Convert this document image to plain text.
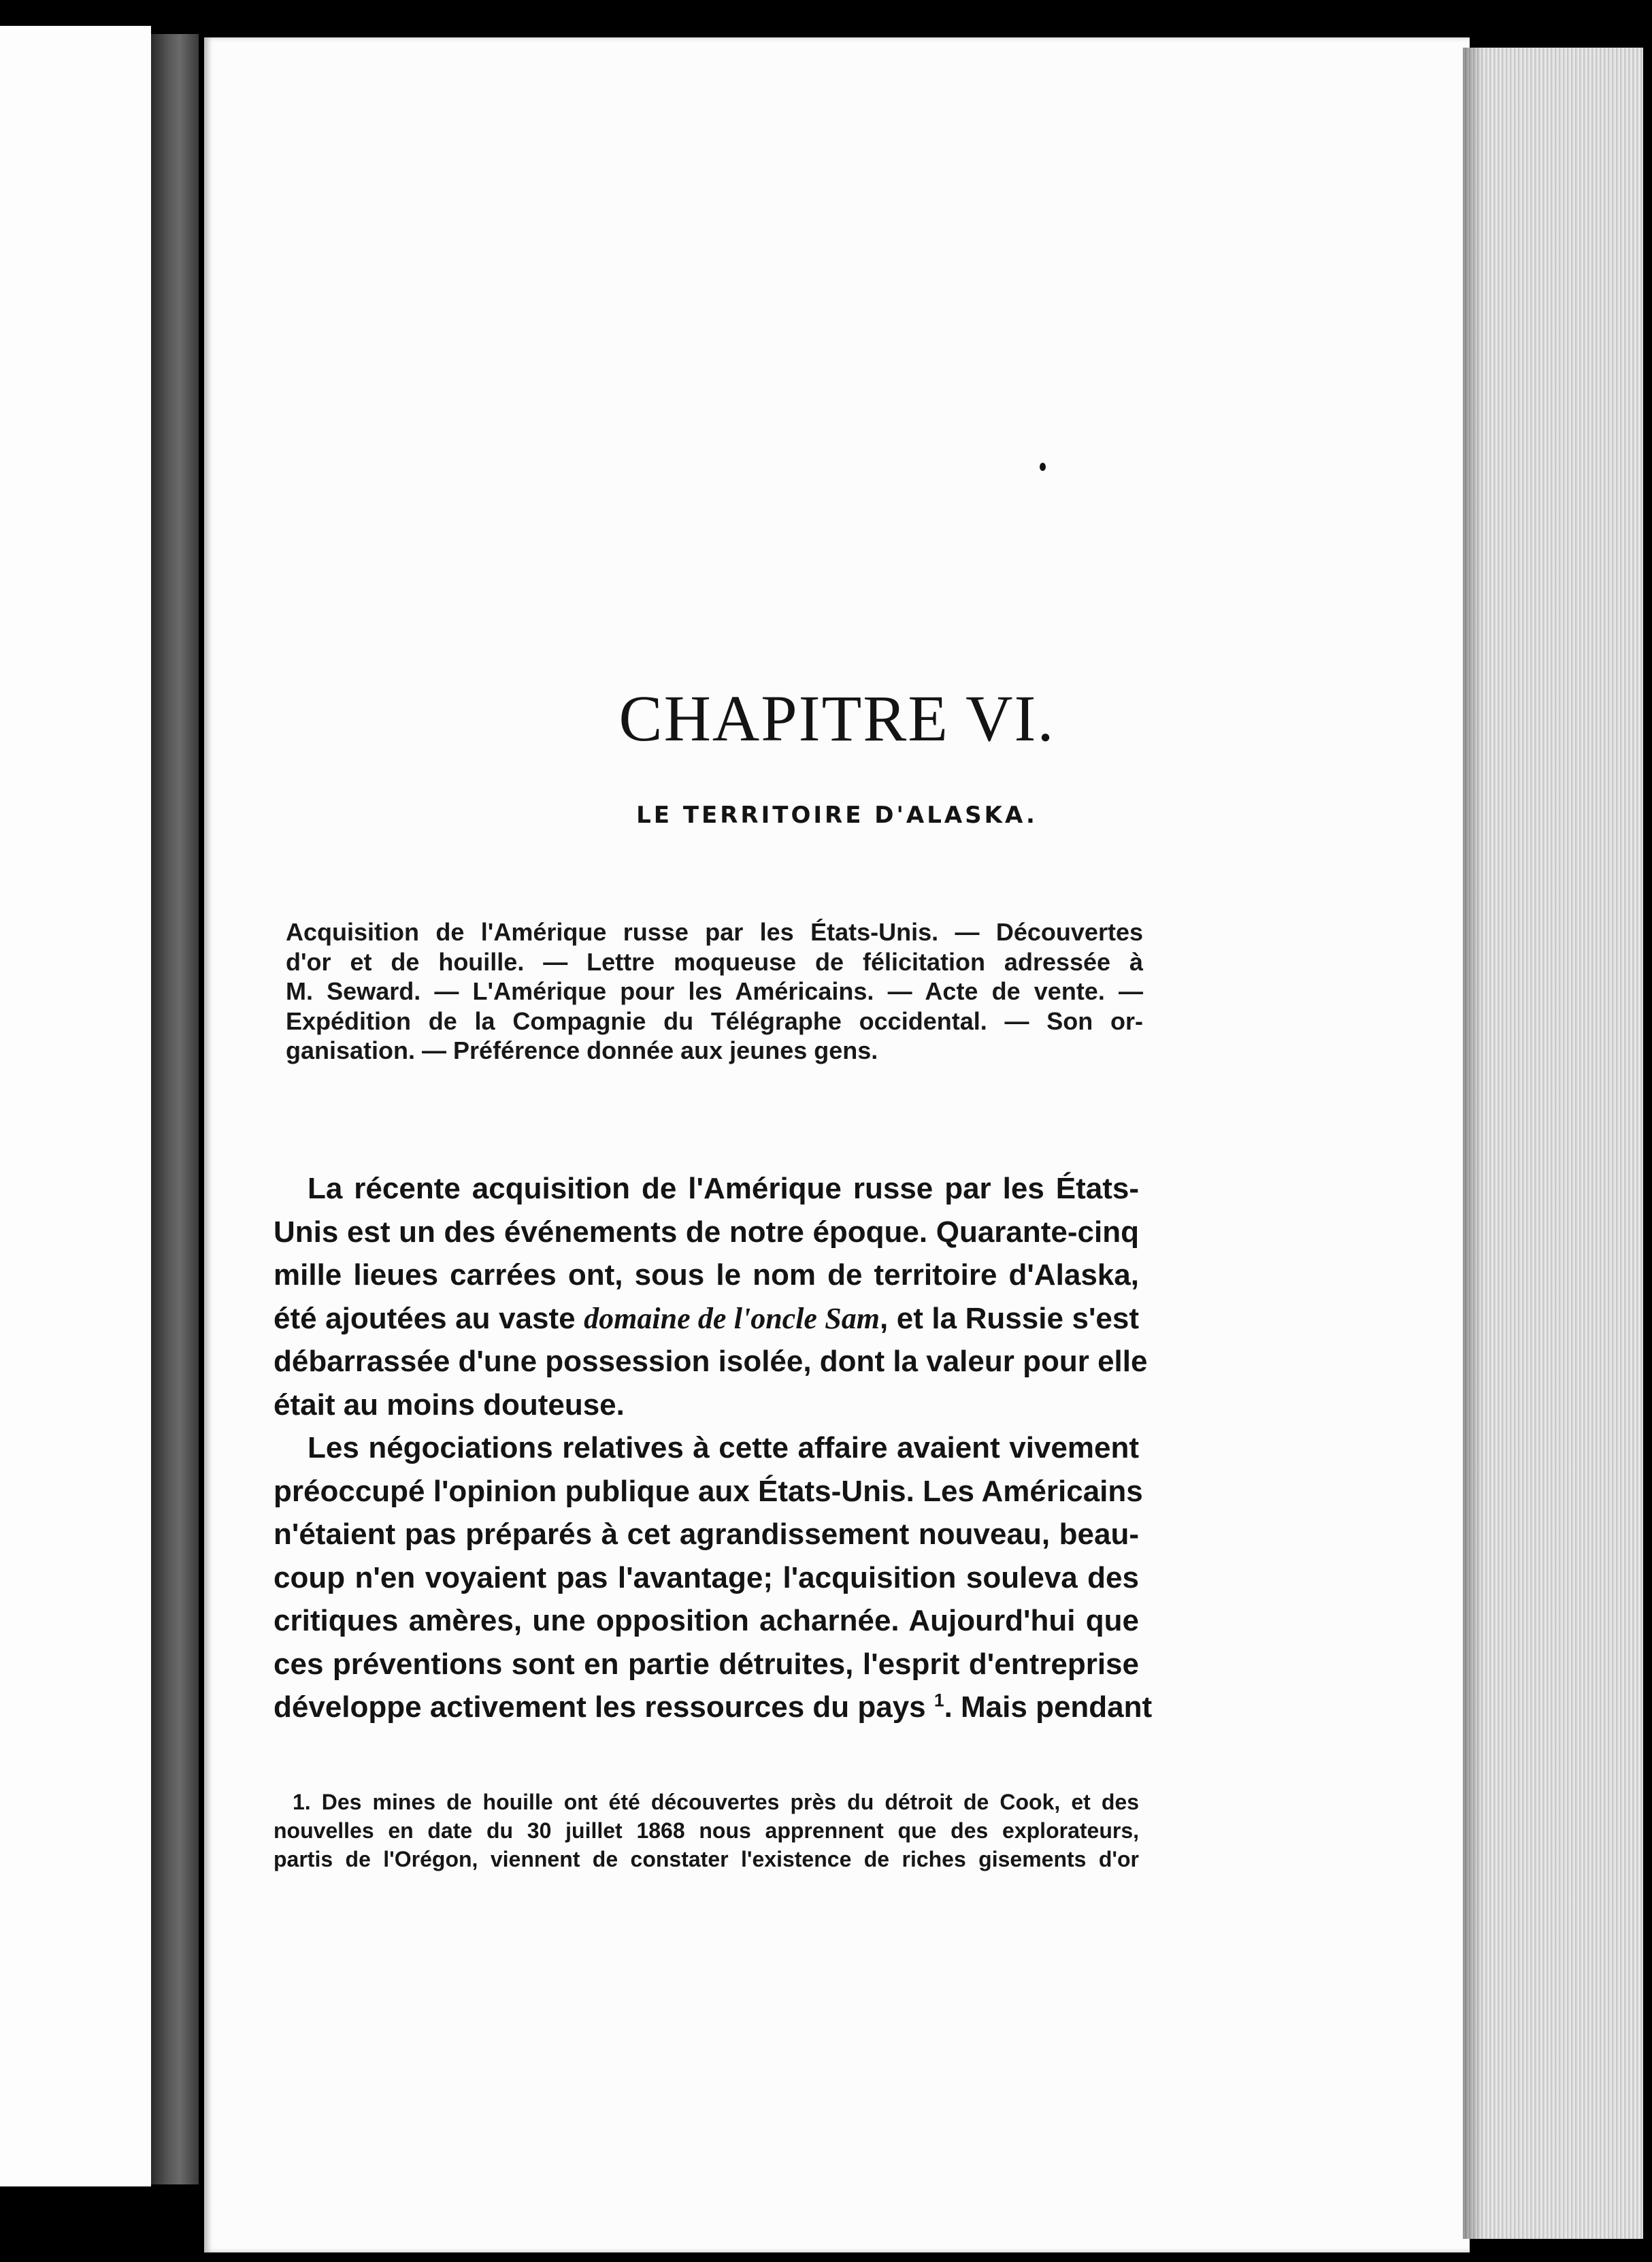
CHAPITRE VI.
LE TERRITOIRE D'ALASKA.
Acquisition de l'Amérique russe par les États-Unis. — Découvertes
d'or et de houille. — Lettre moqueuse de félicitation adressée à
M. Seward. — L'Amérique pour les Américains. — Acte de vente. —
Expédition de la Compagnie du Télégraphe occidental. — Son or-
ganisation. — Préférence donnée aux jeunes gens.
La récente acquisition de l'Amérique russe par les États-
Unis est un des événements de notre époque. Quarante-cinq
mille lieues carrées ont, sous le nom de territoire d'Alaska,
été ajoutées au vaste domaine de l'oncle Sam, et la Russie s'est
débarrassée d'une possession isolée, dont la valeur pour elle
était au moins douteuse.
Les négociations relatives à cette affaire avaient vivement
préoccupé l'opinion publique aux États-Unis. Les Américains
n'étaient pas préparés à cet agrandissement nouveau, beau-
coup n'en voyaient pas l'avantage; l'acquisition souleva des
critiques amères, une opposition acharnée. Aujourd'hui que
ces préventions sont en partie détruites, l'esprit d'entreprise
développe activement les ressources du pays $^1$. Mais pendant
1. Des mines de houille ont été découvertes près du détroit de Cook, et des
nouvelles en date du 30 juillet 1868 nous apprennent que des explorateurs,
partis de l'Orégon, viennent de constater l'existence de riches gisements d'or
